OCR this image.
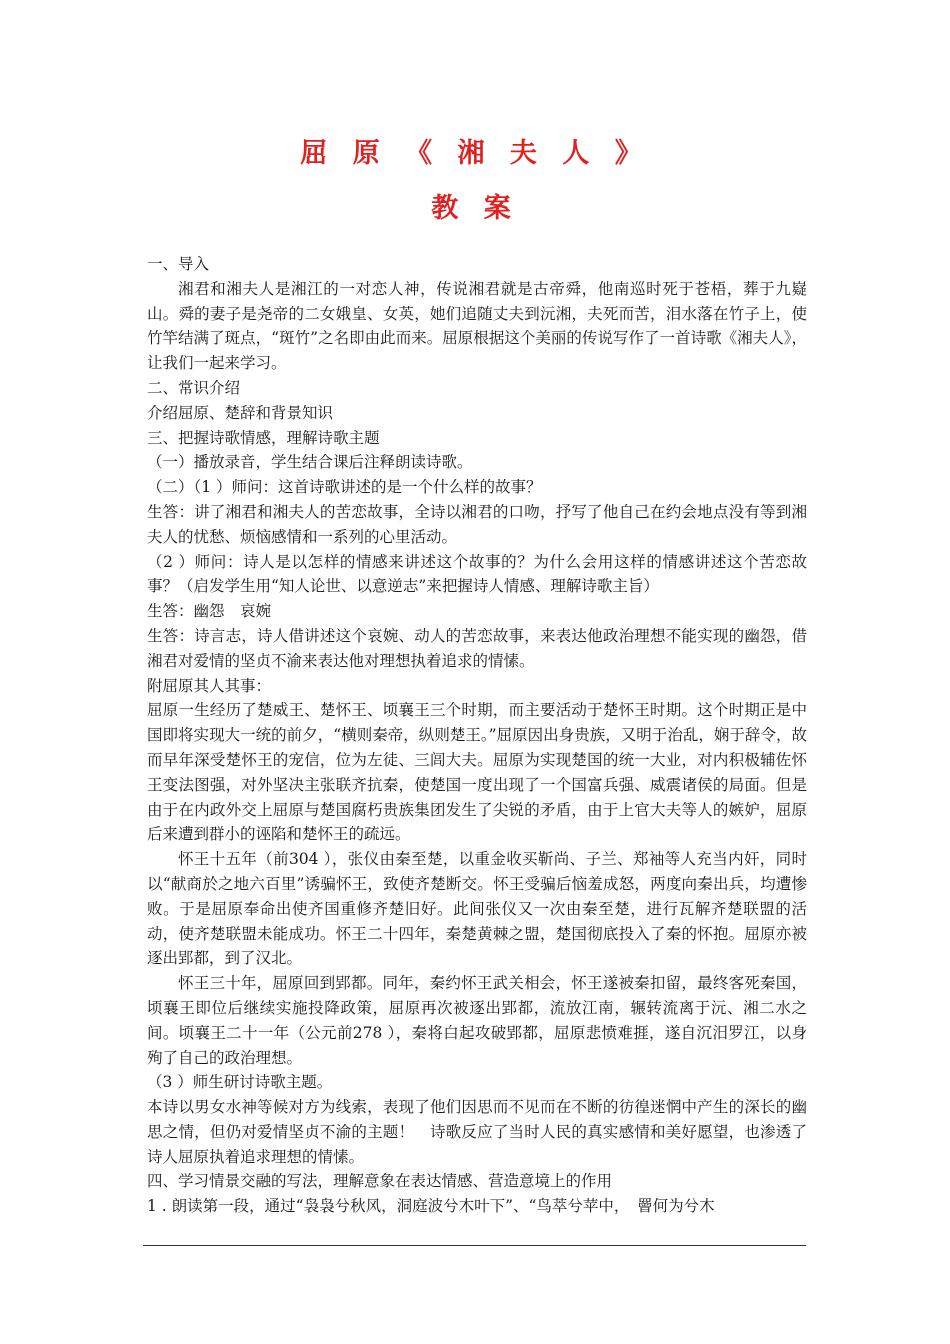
屈 原 《 湘 夫 人 》
教 案

一、导入

湘君和湘夫人是湘江的一对恋人神，传说湘君就是古帝舜，他南巡时死于苍梧，葬于九嶷山。舜的妻子是尧帝的二女娥皇、女英，她们追随丈夫到沅湘，夫死而苦，泪水落在竹子上，使竹竿结满了斑点，“斑竹”之名即由此而来。屈原根据这个美丽的传说写作了一首诗歌《湘夫人》，让我们一起来学习。

二、常识介绍

介绍屈原、楚辞和背景知识

三、把握诗歌情感，理解诗歌主题

（一）播放录音，学生结合课后注释朗读诗歌。

（二）（1 ）师问：这首诗歌讲述的是一个什么样的故事？

生答：讲了湘君和湘夫人的苦恋故事，全诗以湘君的口吻，抒写了他自己在约会地点没有等到湘夫人的忧愁、烦恼感情和一系列的心里活动。

（2 ）师问：诗人是以怎样的情感来讲述这个故事的？为什么会用这样的情感讲述这个苦恋故事？（启发学生用“知人论世、以意逆志”来把握诗人情感、理解诗歌主旨）

生答：幽怨　哀婉

生答：诗言志，诗人借讲述这个哀婉、动人的苦恋故事，来表达他政治理想不能实现的幽怨，借湘君对爱情的坚贞不渝来表达他对理想执着追求的情愫。

附屈原其人其事：

屈原一生经历了楚威王、楚怀王、顷襄王三个时期，而主要活动于楚怀王时期。这个时期正是中国即将实现大一统的前夕，“横则秦帝，纵则楚王。”屈原因出身贵族，又明于治乱，娴于辞令，故而早年深受楚怀王的宠信，位为左徒、三闾大夫。屈原为实现楚国的统一大业，对内积极辅佐怀王变法图强，对外坚决主张联齐抗秦，使楚国一度出现了一个国富兵强、威震诸侯的局面。但是由于在内政外交上屈原与楚国腐朽贵族集团发生了尖锐的矛盾，由于上官大夫等人的嫉妒，屈原后来遭到群小的诬陷和楚怀王的疏远。

怀王十五年（前304 ），张仪由秦至楚，以重金收买靳尚、子兰、郑袖等人充当内奸，同时以“献商於之地六百里”诱骗怀王，致使齐楚断交。怀王受骗后恼羞成怒，两度向秦出兵，均遭惨败。于是屈原奉命出使齐国重修齐楚旧好。此间张仪又一次由秦至楚，进行瓦解齐楚联盟的活动，使齐楚联盟未能成功。怀王二十四年，秦楚黄棘之盟，楚国彻底投入了秦的怀抱。屈原亦被逐出郢都，到了汉北。

怀王三十年，屈原回到郢都。同年，秦约怀王武关相会，怀王遂被秦扣留，最终客死秦国，顷襄王即位后继续实施投降政策，屈原再次被逐出郢都，流放江南，辗转流离于沅、湘二水之间。顷襄王二十一年（公元前278 ），秦将白起攻破郢都，屈原悲愤难捱，遂自沉汨罗江，以身殉了自己的政治理想。

（3 ）师生研讨诗歌主题。

本诗以男女水神等候对方为线索，表现了他们因思而不见而在不断的彷徨迷惘中产生的深长的幽思之情，但仍对爱情坚贞不渝的主题！　诗歌反应了当时人民的真实感情和美好愿望，也渗透了诗人屈原执着追求理想的情愫。

四、学习情景交融的写法，理解意象在表达情感、营造意境上的作用

1 . 朗读第一段，通过“袅袅兮秋风，洞庭波兮木叶下”、“鸟萃兮苹中，　罾何为兮木
